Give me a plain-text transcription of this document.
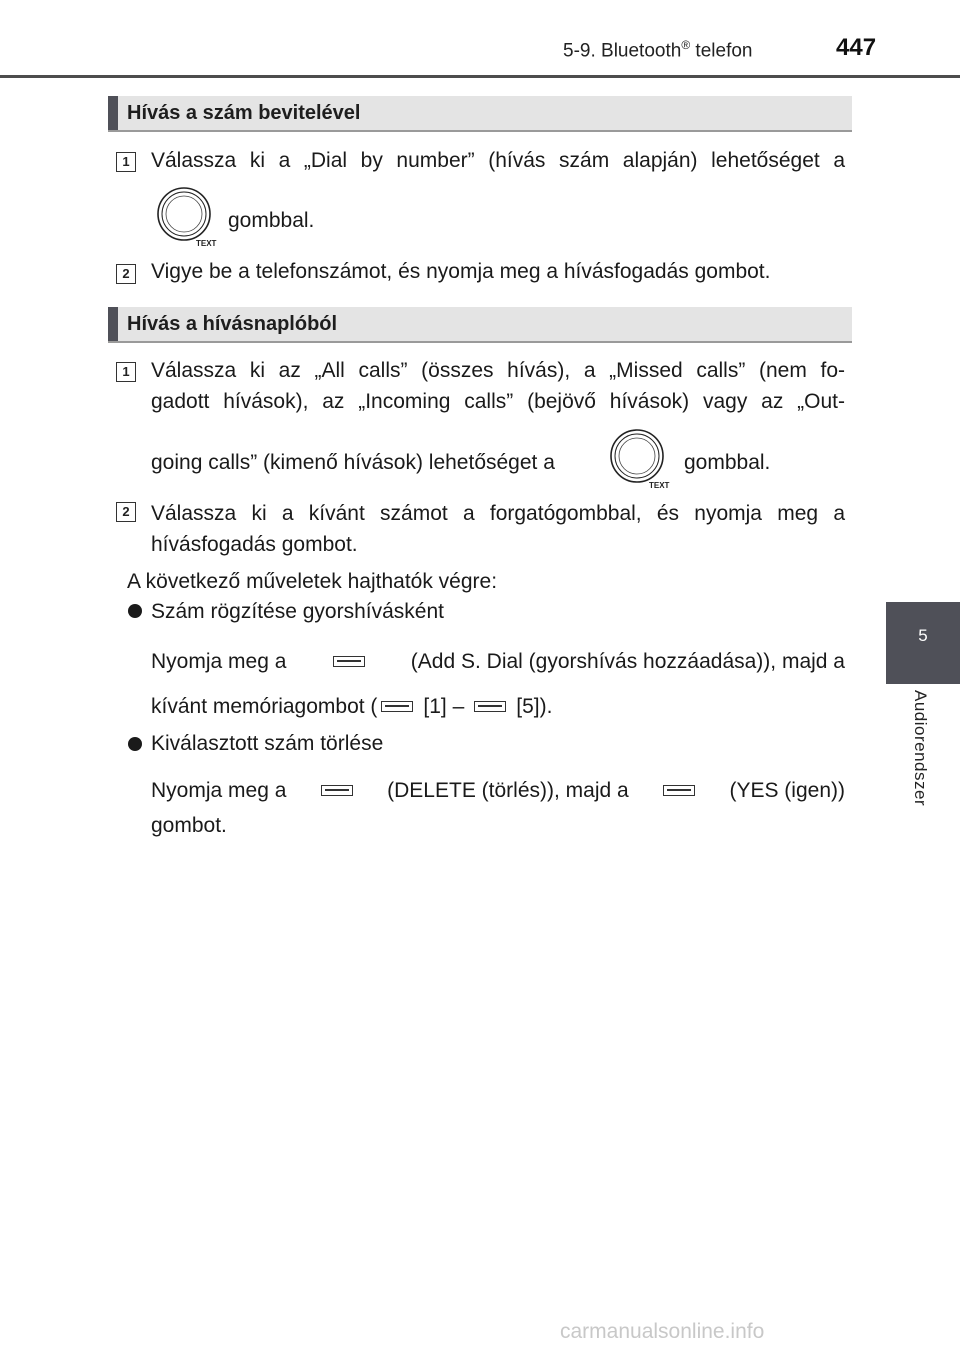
5-9. Bluetooth® telefon	447
5
Audiorendszer
Hívás a szám bevitelével
1	Válassza ki a „Dial by number” (hívás szám alapján) lehetőséget a
TEXT
gombbal.
2	Vigye be a telefonszámot, és nyomja meg a hívásfogadás gombot.
Hívás a hívásnaplóból
1	Válassza ki az „All calls” (összes hívás), a „Missed calls” (nem fo-
gadott hívások), az „Incoming calls” (bejövő hívások) vagy az „Out-
going calls” (kimenő hívások) lehetőséget a
TEXT
gombbal.
2	Válassza ki a kívánt számot a forgatógombbal, és nyomja meg a
hívásfogadás gombot.
A következő műveletek hajthatók végre:
Szám rögzítése gyorshívásként
Nyomja meg a	(Add S. Dial (gyorshívás hozzáadása)), majd a
kívánt memóriagombot ( [1] – [5]).
Kiválasztott szám törlése
Nyomja meg a	(DELETE (törlés)), majd a	(YES (igen))
gombot.
carmanualsonline.info
